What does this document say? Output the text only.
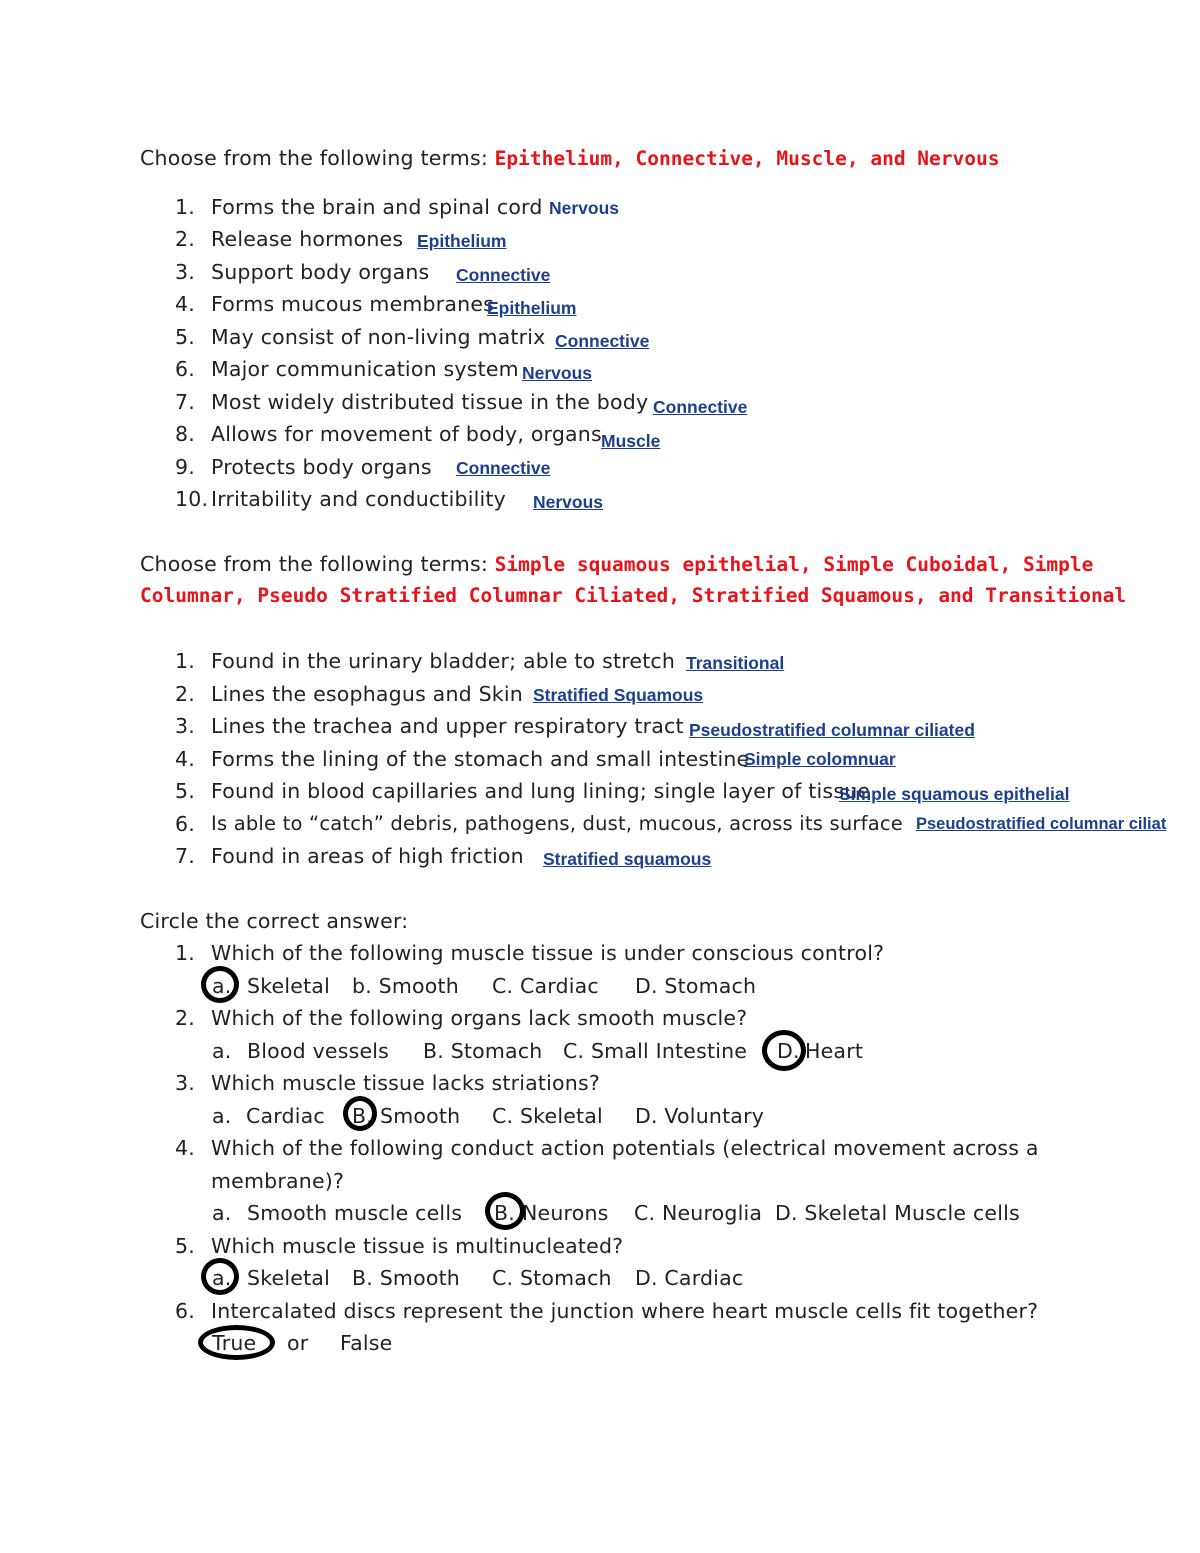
Choose from the following terms: Epithelium, Connective, Muscle, and Nervous
1. Forms the brain and spinal cord Nervous
2. Release hormones Epithelium
3. Support body organs Connective
4. Forms mucous membranes
Epithelium
5. May consist of non-living matrix Connective
6. Major communication system Nervous
7. Most widely distributed tissue in the body Connective
8. Allows for movement of body, organs Muscle
9. Protects body organs Connective
10. Irritability and conductibility Nervous
Choose from the following terms: Simple squamous epithelial, Simple Cuboidal, Simple
Columnar, Pseudo Stratified Columnar Ciliated, Stratified Squamous, and Transitional
1. Found in the urinary bladder; able to stretch Transitional
2. Lines the esophagus and Skin Stratified Squamous
3. Lines the trachea and upper respiratory tract Pseudostratified columnar ciliated
4. Forms the lining of the stomach and small intestine
Simple colomnuar
5. Found in blood capillaries and lung lining; single layer of tissue
Simple squamous epithelial
6. Is able to “catch” debris, pathogens, dust, mucous, across its surface Pseudostratified columnar ciliat
7. Found in areas of high friction Stratified squamous
Circle the correct answer:
1. Which of the following muscle tissue is under conscious control?
a. Skeletal b. Smooth C. Cardiac D. Stomach
2. Which of the following organs lack smooth muscle?
a. Blood vessels B. Stomach C. Small Intestine D. Heart
3. Which muscle tissue lacks striations?
a. Cardiac B. Smooth C. Skeletal D. Voluntary
4. Which of the following conduct action potentials (electrical movement across a
membrane)?
a. Smooth muscle cells B. Neurons C. Neuroglia D. Skeletal Muscle cells
5. Which muscle tissue is multinucleated?
a. Skeletal B. Smooth C. Stomach D. Cardiac
6. Intercalated discs represent the junction where heart muscle cells fit together?
True or False
